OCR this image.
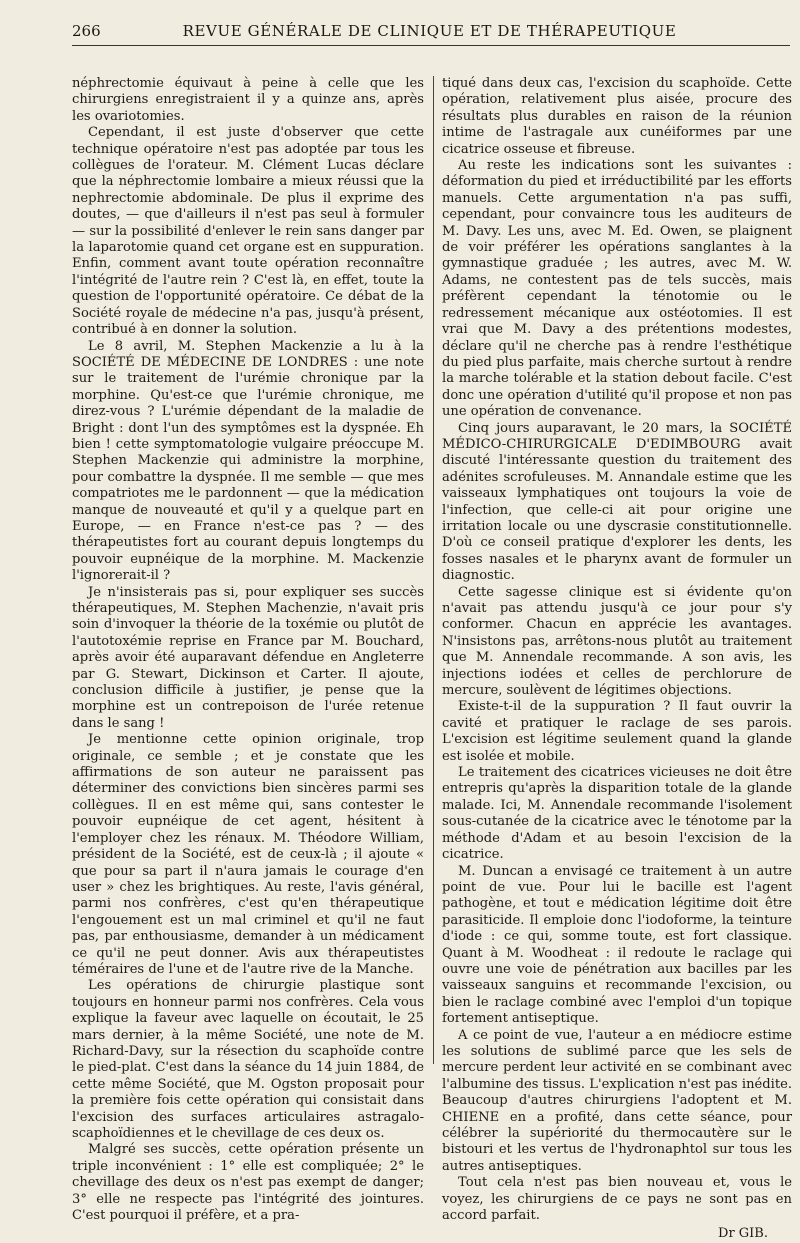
266	REVUE GÉNÉRALE DE CLINIQUE ET DE THÉRAPEUTIQUE

néphrectomie équivaut à peine à celle que les chirurgiens enregistraient il y a quinze ans, après les ovariotomies.

Cependant, il est juste d'observer que cette technique opératoire n'est pas adoptée par tous les collègues de l'orateur. M. Clément Lucas déclare que la néphrectomie lombaire a mieux réussi que la nephrectomie abdominale. De plus il exprime des doutes, — que d'ailleurs il n'est pas seul à formuler — sur la possibilité d'enlever le rein sans danger par la laparotomie quand cet organe est en suppuration. Enfin, comment avant toute opération reconnaître l'intégrité de l'autre rein ? C'est là, en effet, toute la question de l'opportunité opératoire. Ce débat de la Société royale de médecine n'a pas, jusqu'à présent, contribué à en donner la solution.

Le 8 avril, M. Stephen Mackenzie a lu à la SOCIÉTÉ DE MÉDECINE DE LONDRES : une note sur le traitement de l'urémie chronique par la morphine. Qu'est-ce que l'urémie chronique, me direz-vous ? L'urémie dépendant de la maladie de Bright : dont l'un des symptômes est la dyspnée. Eh bien ! cette symptomatologie vulgaire préoccupe M. Stephen Mackenzie qui administre la morphine, pour combattre la dyspnée. Il me semble — que mes compatriotes me le pardonnent — que la médication manque de nouveauté et qu'il y a quelque part en Europe, — en France n'est-ce pas ? — des thérapeutistes fort au courant depuis longtemps du pouvoir eupnéique de la morphine. M. Mackenzie l'ignorerait-il ?

Je n'insisterais pas si, pour expliquer ses succès thérapeutiques, M. Stephen Machenzie, n'avait pris soin d'invoquer la théorie de la toxémie ou plutôt de l'autotoxémie reprise en France par M. Bouchard, après avoir été auparavant défendue en Angleterre par G. Stewart, Dickinson et Carter. Il ajoute, conclusion difficile à justifier, je pense que la morphine est un contrepoison de l'urée retenue dans le sang !

Je mentionne cette opinion originale, trop originale, ce semble ; et je constate que les affirmations de son auteur ne paraissent pas déterminer des convictions bien sincères parmi ses collègues. Il en est même qui, sans contester le pouvoir eupnéique de cet agent, hésitent à l'employer chez les rénaux. M. Théodore William, président de la Société, est de ceux-là ; il ajoute « que pour sa part il n'aura jamais le courage d'en user » chez les brightiques. Au reste, l'avis général, parmi nos confrères, c'est qu'en thérapeutique l'engouement est un mal criminel et qu'il ne faut pas, par enthousiasme, demander à un médicament ce qu'il ne peut donner. Avis aux thérapeutistes téméraires de l'une et de l'autre rive de la Manche.

Les opérations de chirurgie plastique sont toujours en honneur parmi nos confrères. Cela vous explique la faveur avec laquelle on écoutait, le 25 mars dernier, à la même Société, une note de M. Richard-Davy, sur la résection du scaphoïde contre le pied-plat. C'est dans la séance du 14 juin 1884, de cette même Société, que M. Ogston proposait pour la première fois cette opération qui consistait dans l'excision des surfaces articulaires astragalo-scaphoïdiennes et le chevillage de ces deux os.

Malgré ses succès, cette opération présente un triple inconvénient : 1° elle est compliquée; 2° le chevillage des deux os n'est pas exempt de danger; 3° elle ne respecte pas l'intégrité des jointures. C'est pourquoi il préfère, et a pra-

tiqué dans deux cas, l'excision du scaphoïde. Cette opération, relativement plus aisée, procure des résultats plus durables en raison de la réunion intime de l'astragale aux cunéiformes par une cicatrice osseuse et fibreuse.

Au reste les indications sont les suivantes : déformation du pied et irréductibilité par les efforts manuels. Cette argumentation n'a pas suffi, cependant, pour convaincre tous les auditeurs de M. Davy. Les uns, avec M. Ed. Owen, se plaignent de voir préférer les opérations sanglantes à la gymnastique graduée ; les autres, avec M. W. Adams, ne contestent pas de tels succès, mais préfèrent cependant la ténotomie ou le redressement mécanique aux ostéotomies. Il est vrai que M. Davy a des prétentions modestes, déclare qu'il ne cherche pas à rendre l'esthétique du pied plus parfaite, mais cherche surtout à rendre la marche tolérable et la station debout facile. C'est donc une opération d'utilité qu'il propose et non pas une opération de convenance.

Cinq jours auparavant, le 20 mars, la SOCIÉTÉ MÉDICO-CHIRURGICALE D'EDIMBOURG avait discuté l'intéressante question du traitement des adénites scrofuleuses. M. Annandale estime que les vaisseaux lymphatiques ont toujours la voie de l'infection, que celle-ci ait pour origine une irritation locale ou une dyscrasie constitutionnelle. D'où ce conseil pratique d'explorer les dents, les fosses nasales et le pharynx avant de formuler un diagnostic.

Cette sagesse clinique est si évidente qu'on n'avait pas attendu jusqu'à ce jour pour s'y conformer. Chacun en apprécie les avantages. N'insistons pas, arrêtons-nous plutôt au traitement que M. Annendale recommande. A son avis, les injections iodées et celles de perchlorure de mercure, soulèvent de légitimes objections.

Existe-t-il de la suppuration ? Il faut ouvrir la cavité et pratiquer le raclage de ses parois. L'excision est légitime seulement quand la glande est isolée et mobile.

Le traitement des cicatrices vicieuses ne doit être entrepris qu'après la disparition totale de la glande malade. Ici, M. Annendale recommande l'isolement sous-cutanée de la cicatrice avec le ténotome par la méthode d'Adam et au besoin l'excision de la cicatrice.

M. Duncan a envisagé ce traitement à un autre point de vue. Pour lui le bacille est l'agent pathogène, et tout e médication légitime doit être parasiticide. Il emploie donc l'iodoforme, la teinture d'iode : ce qui, somme toute, est fort classique. Quant à M. Woodheat : il redoute le raclage qui ouvre une voie de pénétration aux bacilles par les vaisseaux sanguins et recommande l'excision, ou bien le raclage combiné avec l'emploi d'un topique fortement antiseptique.

A ce point de vue, l'auteur a en médiocre estime les solutions de sublimé parce que les sels de mercure perdent leur activité en se combinant avec l'albumine des tissus. L'explication n'est pas inédite. Beaucoup d'autres chirurgiens l'adoptent et M. CHIENE en a profité, dans cette séance, pour célébrer la supériorité du thermocautère sur le bistouri et les vertus de l'hydronaphtol sur tous les autres antiseptiques.

Tout cela n'est pas bien nouveau et, vous le voyez, les chirurgiens de ce pays ne sont pas en accord parfait.

Dr GIB.
